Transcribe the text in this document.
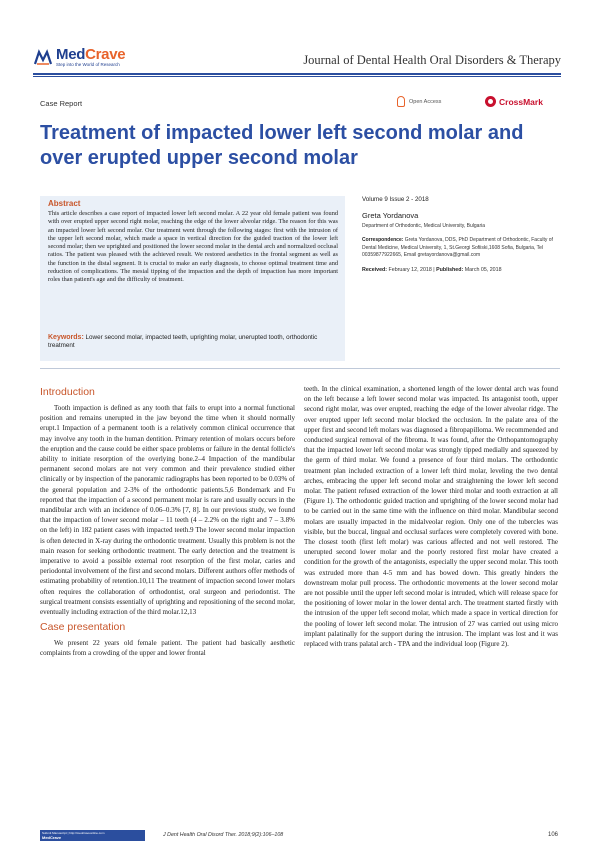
MedCrave
Step into the World of Research	Journal of Dental Health Oral Disorders & Therapy
Case Report	Open Access	CrossMark
Treatment of impacted lower left second molar and over erupted upper second molar
Abstract

This article describes a case report of impacted lower left second molar. A 22 year old female patient was found with over erupted upper second right molar, reaching the edge of the lower alveolar ridge. The reason for this was an impacted lower left second molar. Our treatment went through the following stages: first with the intrusion of the upper left second molar, which made a space in vertical direction for the guided traction of the lower left second molar; then we uprighted and positioned the lower second molar in the dental arch and normalized occlusal ratios. The patient was pleased with the achieved result. We restored aesthetics in the frontal segment as well as the function in the distal segment. It is crucial to make an early diagnosis, to choose optimal treatment time and reduction of complications. The mesial tipping of the impaction and the depth of impaction has more important roles than patient's age and the difficulty of treatment.

Keywords: Lower second molar, impacted teeth, uprighting molar, unerupted tooth, orthodontic treatment
Volume 9 Issue 2 - 2018
Greta Yordanova
Department of Orthodontic, Medical University, Bulgaria
Correspondence: Greta Yordanova, DDS, PhD Department of Orthodontic, Faculty of Dental Medicine, Medical University, 1, St.Georgi Sofiiski,1608 Sofia, Bulgaria, Tel 00359877922665, Email gretayordanova@gmail.com
Received: February 12, 2018 | Published: March 05, 2018
Introduction

Tooth impaction is defined as any tooth that fails to erupt into a normal functional position and remains unerupted in the jaw beyond the time when it should normally erupt.1 Impaction of a permanent tooth is a relatively common clinical occurrence that may involve any tooth in the human dentition. Primary retention of molars occurs before the eruption and the cause could be either space problems or failure in the dental follicle's ability to initiate resorption of the overlying bone.2–4 Impaction of the mandibular permanent second molars are not very common and their prevalence studied either clinically or by inspection of the panoramic radiographs has been reported to be 0.03% of the general population and 2-3% of the orthodontic patients.5,6 Bondemark and Fu reported that the impaction of a second permanent molar is rare and usually occurs in the mandibular arch with an incidence of 0.06–0.3% [7, 8]. In our previous study, we found that the impaction of lower second molar – 11 teeth (4 – 2.2% on the right and 7 – 3.8% on the left) in 182 patient cases with impacted teeth.9 The lower second molar impaction is often detected in X-ray during the orthodontic treatment. Usually this problem is not the main reason for seeking orthodontic treatment. The early detection and the treatment is imperative to avoid a possible external root resorption of the first molar, caries and periodontal involvement of the first and second molars. Different authors offer methods of estimating probability of retention.10,11 The treatment of impaction second lower molars often requires the collaboration of orthodontist, oral surgeon and periodontist. The surgical treatment consists essentially of uprighting and repositioning of the second molar, eventually including extraction of the third molar.12,13

Case presentation

We present 22 years old female patient. The patient had basically aesthetic complaints from a crowding of the upper and lower frontal

teeth. In the clinical examination, a shortened length of the lower dental arch was found on the left because a left lower second molar was impacted. Its antagonist tooth, upper second right molar, was over erupted, reaching the edge of the lower alveolar ridge. The over erupted upper left second molar blocked the occlusion. In the palate area of the upper first and second left molars was diagnosed a fibropapilloma. We recommended and conducted surgical removal of the fibroma. It was found, after the Orthopantomography that the impacted lower left second molar was strongly tipped medially and squeezed by the germ of third molar. We found a presence of four third molars. The orthodontic treatment plan included extraction of a lower left third molar, leveling the two dental arches, embracing the upper left second molar and straightening the lower left second molar. The patient refused extraction of the lower third molar and tooth extraction at all (Figure 1). The orthodontic guided traction and uprighting of the lower second molar had to be carried out in the same time with the influence on third molar. Mandibular second molars are usually impacted in the midalveolar region. Only one of the tubercles was visible, but the buccal, lingual and occlusal surfaces were completely covered with bone. The closest tooth (first left molar) was carious affected and not well restored. The unerupted second lower molar and the poorly restored first molar have created a condition for the growth of the antagonists, especially the upper second molar. This tooth was extruded more than 4-5 mm and has bowed down. This greatly hinders the downstream molar pull process. The orthodontic movements at the lower second molar are not possible until the upper left second molar is intruded, which will release space for the positioning of lower molar in the lower dental arch. The treatment started firstly with the intrusion of the upper left second molar, which made a space in vertical direction for the pooling of lower left second molar. The intrusion of 27 was carried out using micro implant palatinally for the support during the intrusion. The implant was lost and it was replaced with trans palatal arch - TPA and the individual loop (Figure 2).

Submit Manuscript | http://medcraveonline.com
MedCrave	J Dent Health Oral Disord Ther. 2018;9(2):106–108	106
